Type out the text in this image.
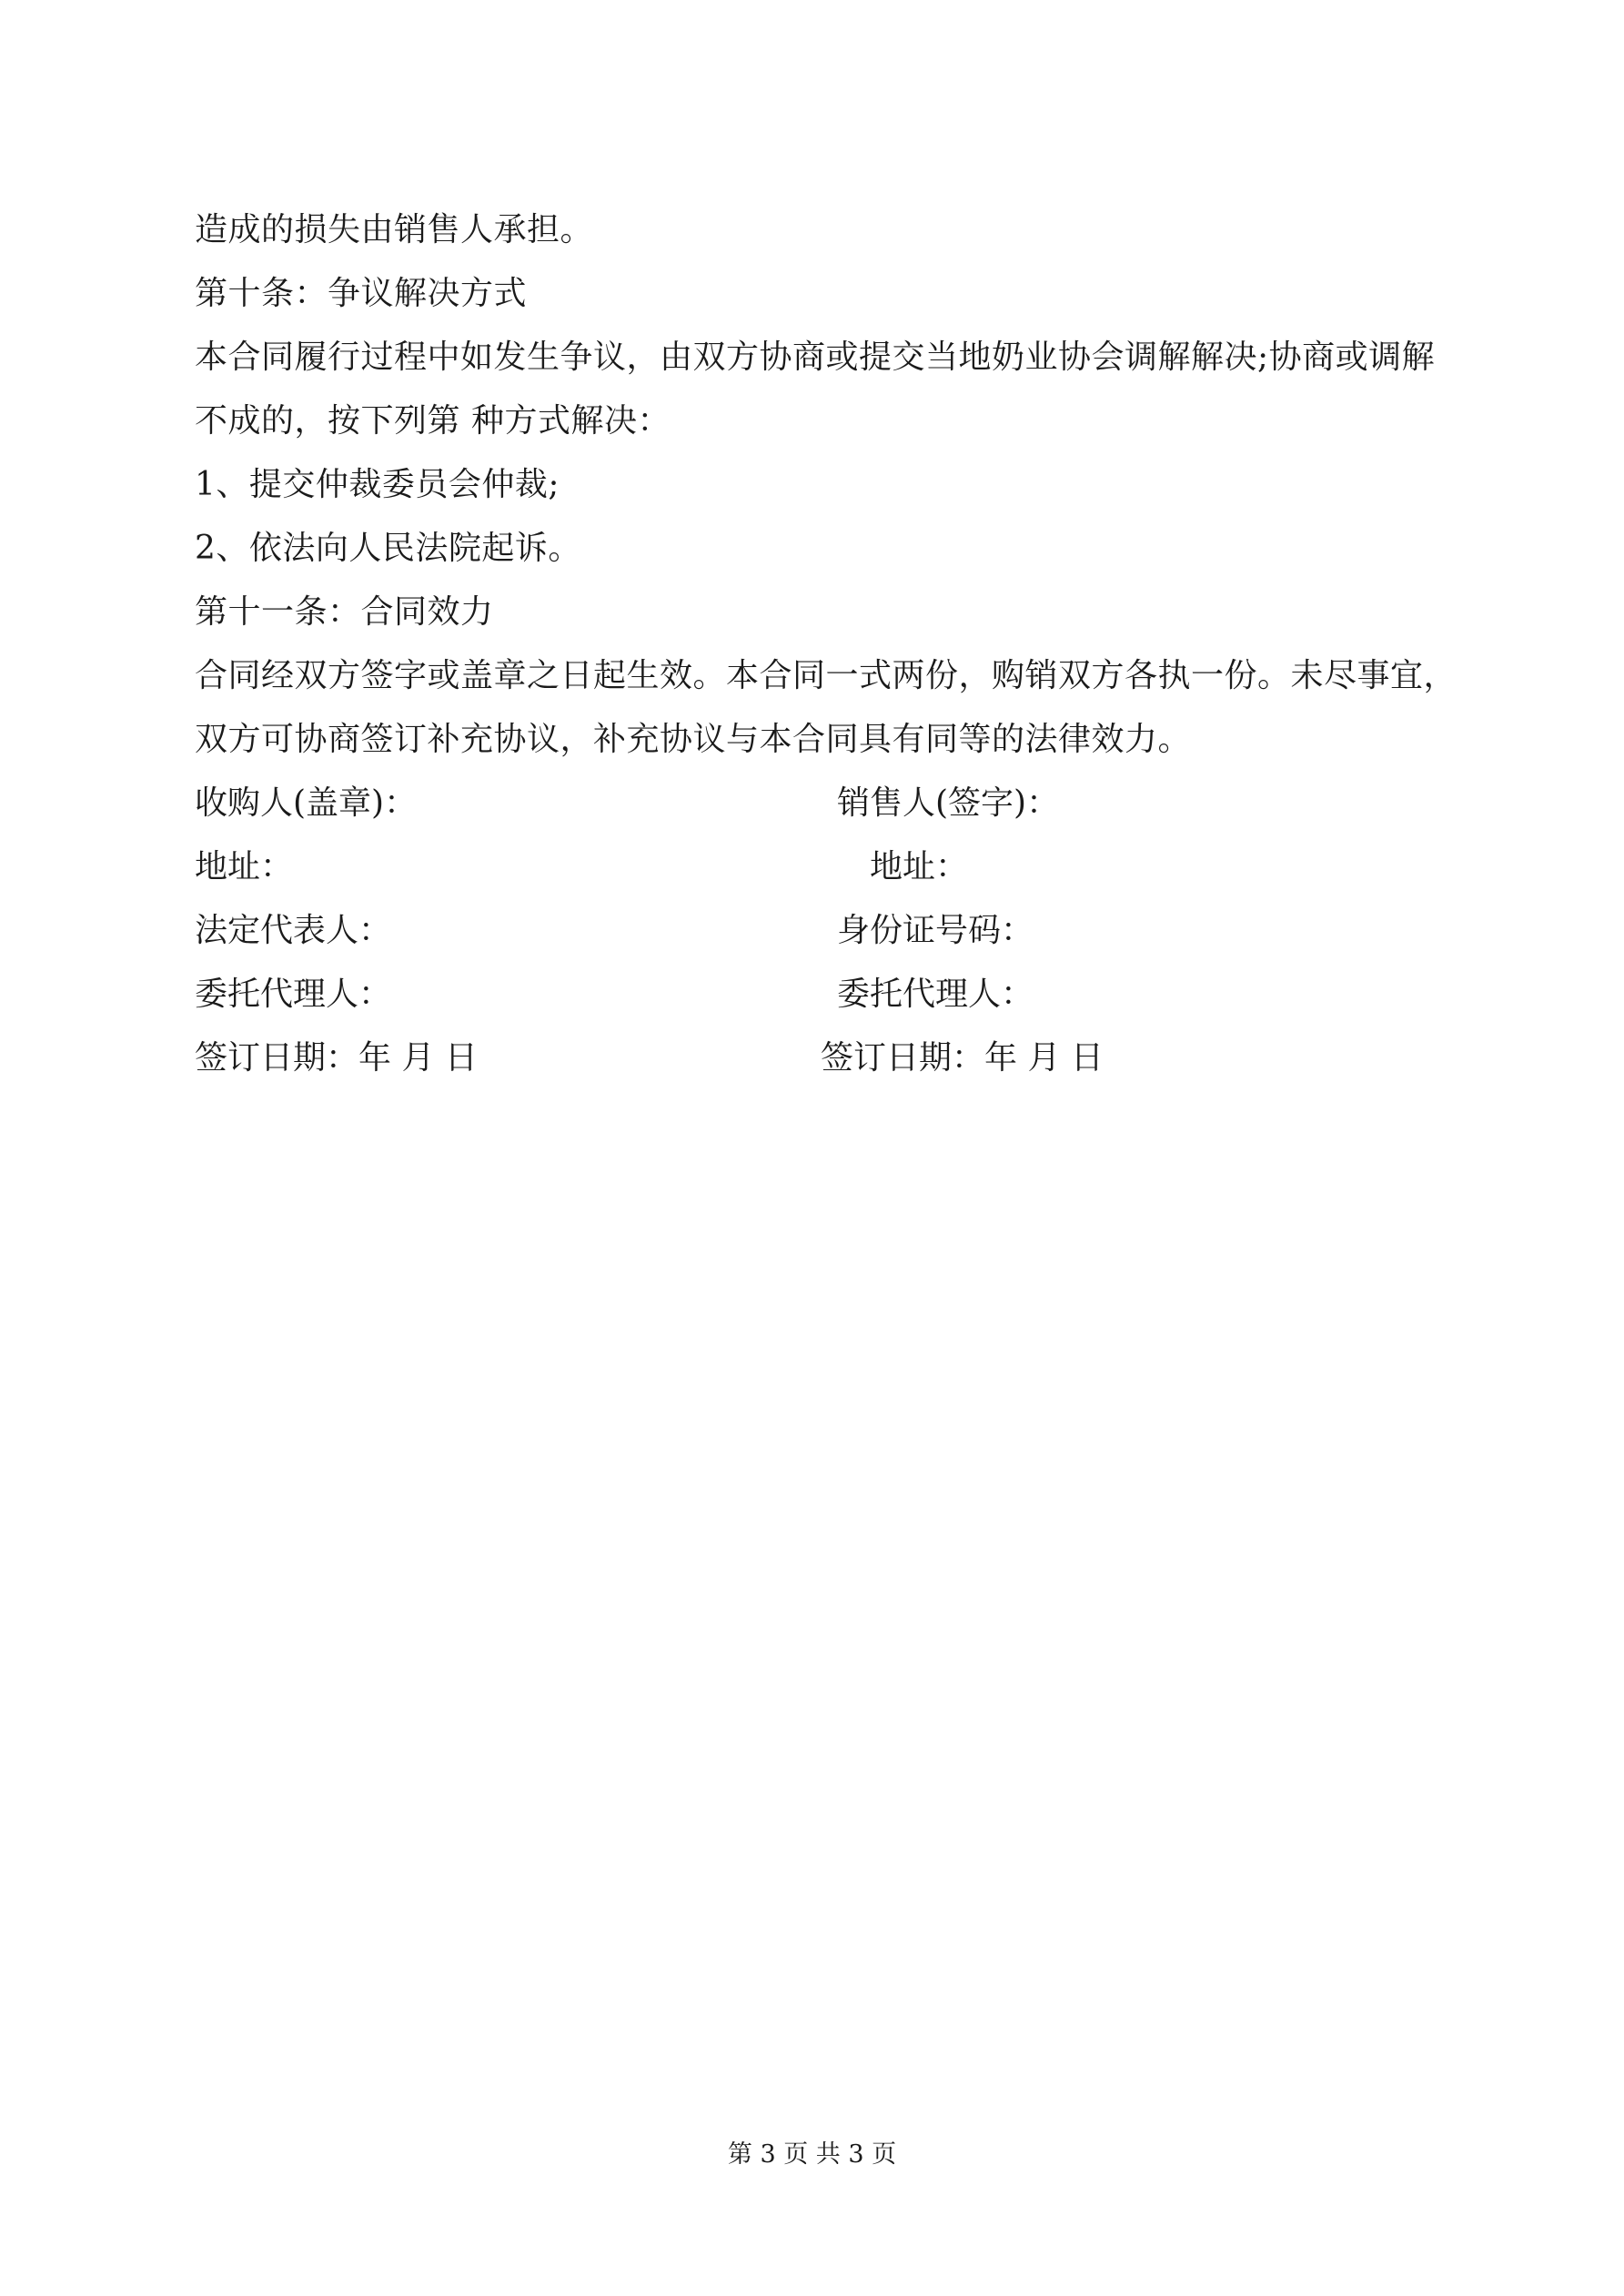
造成的损失由销售人承担。
第十条：争议解决方式
本合同履行过程中如发生争议，由双方协商或提交当地奶业协会调解解决;协商或调解
不成的，按下列第 种方式解决：
1、提交仲裁委员会仲裁;
2、依法向人民法院起诉。
第十一条：合同效力
合同经双方签字或盖章之日起生效。本合同一式两份，购销双方各执一份。未尽事宜，
双方可协商签订补充协议，补充协议与本合同具有同等的法律效力。
收购人(盖章)：	销售人(签字)：
地址：	地址：
法定代表人：	身份证号码：
委托代理人：	委托代理人：
签订日期：年 月 日	签订日期：年 月 日
第 3 页 共 3 页
